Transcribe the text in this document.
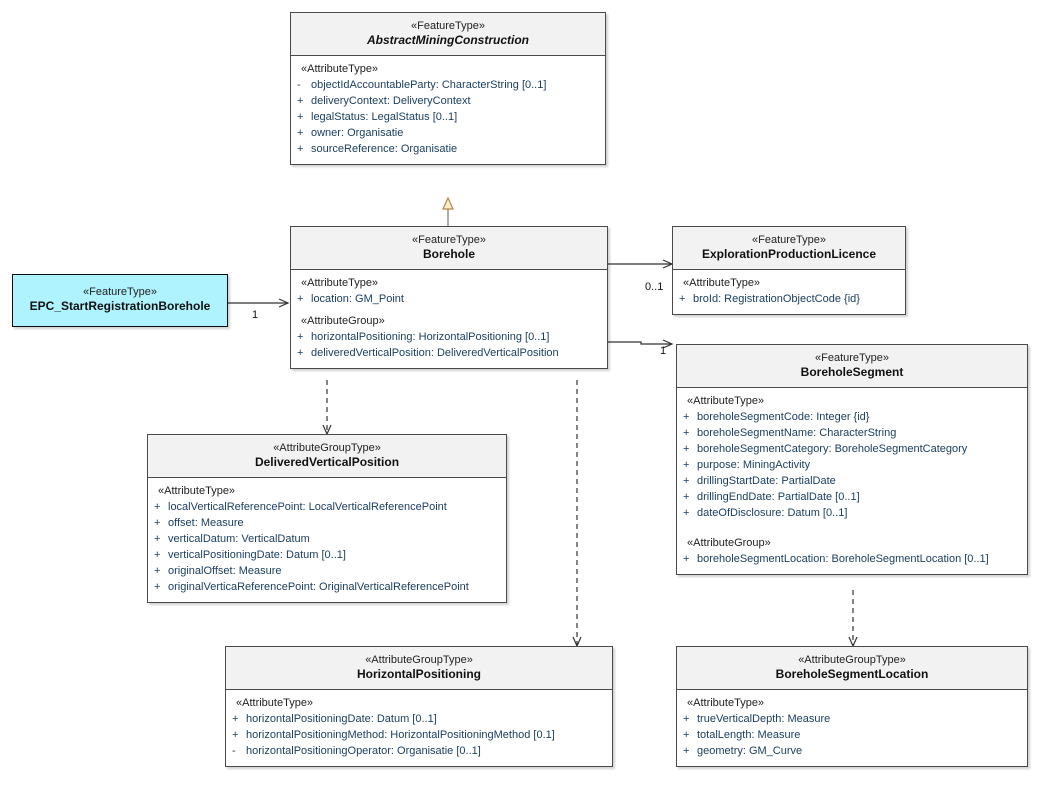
«FeatureType»
AbstractMiningConstruction
«AttributeType»
- objectIdAccountableParty: CharacterString [0..1]
+ deliveryContext: DeliveryContext
+ legalStatus: LegalStatus [0..1]
+ owner: Organisatie
+ sourceReference: Organisatie
«FeatureType»
Borehole
«AttributeType»
+ location: GM_Point
«AttributeGroup»
+ horizontalPositioning: HorizontalPositioning [0..1]
+ deliveredVerticalPosition: DeliveredVerticalPosition
«FeatureType»
EPC_StartRegistrationBorehole
«FeatureType»
ExplorationProductionLicence
«AttributeType»
+ broId: RegistrationObjectCode {id}
«FeatureType»
BoreholeSegment
«AttributeType»
+ boreholeSegmentCode: Integer {id}
+ boreholeSegmentName: CharacterString
+ boreholeSegmentCategory: BoreholeSegmentCategory
+ purpose: MiningActivity
+ drillingStartDate: PartialDate
+ drillingEndDate: PartialDate [0..1]
+ dateOfDisclosure: Datum [0..1]
«AttributeGroup»
+ boreholeSegmentLocation: BoreholeSegmentLocation [0..1]
«AttributeGroupType»
DeliveredVerticalPosition
«AttributeType»
+ localVerticalReferencePoint: LocalVerticalReferencePoint
+ offset: Measure
+ verticalDatum: VerticalDatum
+ verticalPositioningDate: Datum [0..1]
+ originalOffset: Measure
+ originalVerticaReferencePoint: OriginalVerticalReferencePoint
«AttributeGroupType»
HorizontalPositioning
«AttributeType»
+ horizontalPositioningDate: Datum [0..1]
+ horizontalPositioningMethod: HorizontalPositioningMethod [0.1]
- horizontalPositioningOperator: Organisatie [0..1]
«AttributeGroupType»
BoreholeSegmentLocation
«AttributeType»
+ trueVerticalDepth: Measure
+ totalLength: Measure
+ geometry: GM_Curve
1
0..1
1
